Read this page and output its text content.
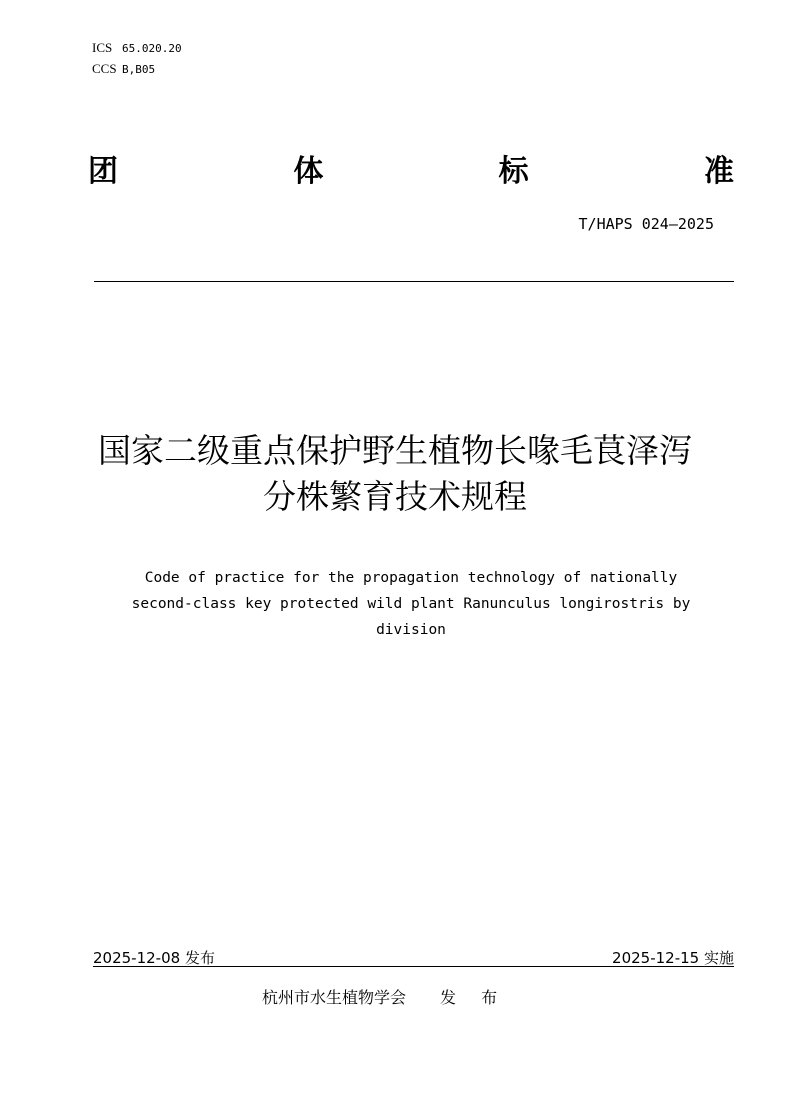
ICS 65.020.20
CCS B,B05
团	体	标	准
T/HAPS 024—2025
国家二级重点保护野生植物长喙毛茛泽泻
分株繁育技术规程
Code of practice for the propagation technology of nationally
second-class key protected wild plant Ranunculus longirostris by
division
2025-12-08 发布	2025-12-15 实施
杭州市水生植物学会 发 布
